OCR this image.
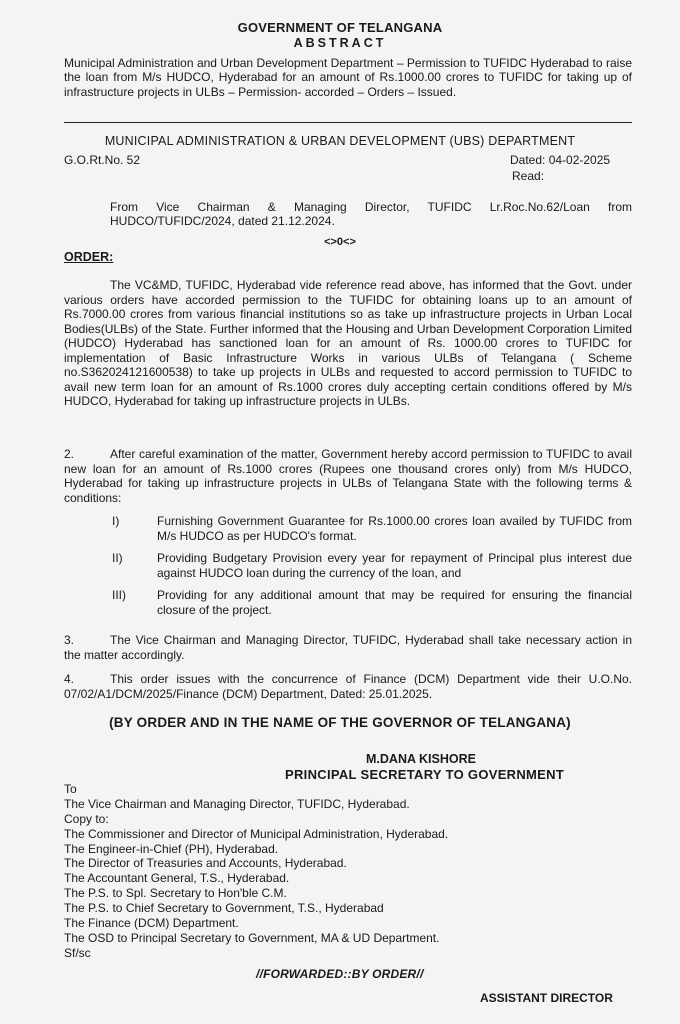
GOVERNMENT OF TELANGANA
ABSTRACT
Municipal Administration and Urban Development Department – Permission to TUFIDC Hyderabad to raise the loan from M/s HUDCO, Hyderabad for an amount of Rs.1000.00 crores to TUFIDC for taking up of infrastructure projects in ULBs – Permission- accorded – Orders – Issued.
MUNICIPAL ADMINISTRATION & URBAN DEVELOPMENT (UBS) DEPARTMENT
G.O.Rt.No. 52	Dated: 04-02-2025
Read:
From Vice Chairman & Managing Director, TUFIDC Lr.Roc.No.62/Loan from HUDCO/TUFIDC/2024, dated 21.12.2024.
<>0<>
ORDER:
The VC&MD, TUFIDC, Hyderabad vide reference read above, has informed that the Govt. under various orders have accorded permission to the TUFIDC for obtaining loans up to an amount of Rs.7000.00 crores from various financial institutions so as take up infrastructure projects in Urban Local Bodies(ULBs) of the State. Further informed that the Housing and Urban Development Corporation Limited (HUDCO) Hyderabad has sanctioned loan for an amount of Rs. 1000.00 crores to TUFIDC for implementation of Basic Infrastructure Works in various ULBs of Telangana ( Scheme no.S362024121600538) to take up projects in ULBs and requested to accord permission to TUFIDC to avail new term loan for an amount of Rs.1000 crores duly accepting certain conditions offered by M/s HUDCO, Hyderabad for taking up infrastructure projects in ULBs.
2.	After careful examination of the matter, Government hereby accord permission to TUFIDC to avail new loan for an amount of Rs.1000 crores (Rupees one thousand crores only) from M/s HUDCO, Hyderabad for taking up infrastructure projects in ULBs of Telangana State with the following terms & conditions:
I)	Furnishing Government Guarantee for Rs.1000.00 crores loan availed by TUFIDC from M/s HUDCO as per HUDCO's format.
II)	Providing Budgetary Provision every year for repayment of Principal plus interest due against HUDCO loan during the currency of the loan, and
III)	Providing for any additional amount that may be required for ensuring the financial closure of the project.
3.	The Vice Chairman and Managing Director, TUFIDC, Hyderabad shall take necessary action in the matter accordingly.
4.	This order issues with the concurrence of Finance (DCM) Department vide their U.O.No. 07/02/A1/DCM/2025/Finance (DCM) Department, Dated: 25.01.2025.
(BY ORDER AND IN THE NAME OF THE GOVERNOR OF TELANGANA)
M.DANA KISHORE
PRINCIPAL SECRETARY TO GOVERNMENT
To
The Vice Chairman and Managing Director, TUFIDC, Hyderabad.
Copy to:
The Commissioner and Director of Municipal Administration, Hyderabad.
The Engineer-in-Chief (PH), Hyderabad.
The Director of Treasuries and Accounts, Hyderabad.
The Accountant General, T.S., Hyderabad.
The P.S. to Spl. Secretary to Hon'ble C.M.
The P.S. to Chief Secretary to Government, T.S., Hyderabad
The Finance (DCM) Department.
The OSD to Principal Secretary to Government, MA & UD Department.
Sf/sc
//FORWARDED::BY ORDER//
ASSISTANT DIRECTOR
